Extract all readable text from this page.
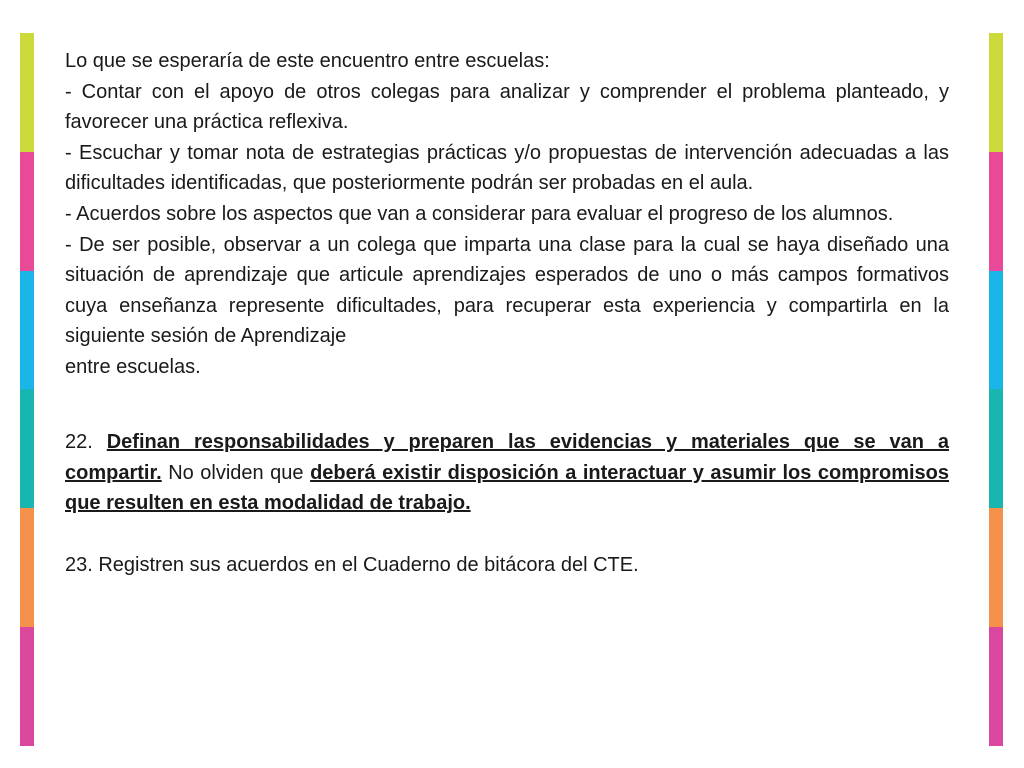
Lo que se esperaría de este encuentro entre escuelas:

- Contar con el apoyo de otros colegas para analizar y comprender el problema planteado, y favorecer una práctica reflexiva.

- Escuchar y tomar nota de estrategias prácticas y/o propuestas de intervención adecuadas a las dificultades identificadas, que posteriormente podrán ser probadas en el aula.

- Acuerdos sobre los aspectos que van a considerar para evaluar el progreso de los alumnos.

- De ser posible, observar a un colega que imparta una clase para la cual se haya diseñado una situación de aprendizaje que articule aprendizajes esperados de uno o más campos formativos cuya enseñanza represente dificultades, para recuperar esta experiencia y compartirla en la siguiente sesión de Aprendizaje

entre escuelas.

22. Definan responsabilidades y preparen las evidencias y materiales que se van a compartir. No olviden que deberá existir disposición a interactuar y asumir los compromisos que resulten en esta modalidad de trabajo.

23. Registren sus acuerdos en el Cuaderno de bitácora del CTE.
